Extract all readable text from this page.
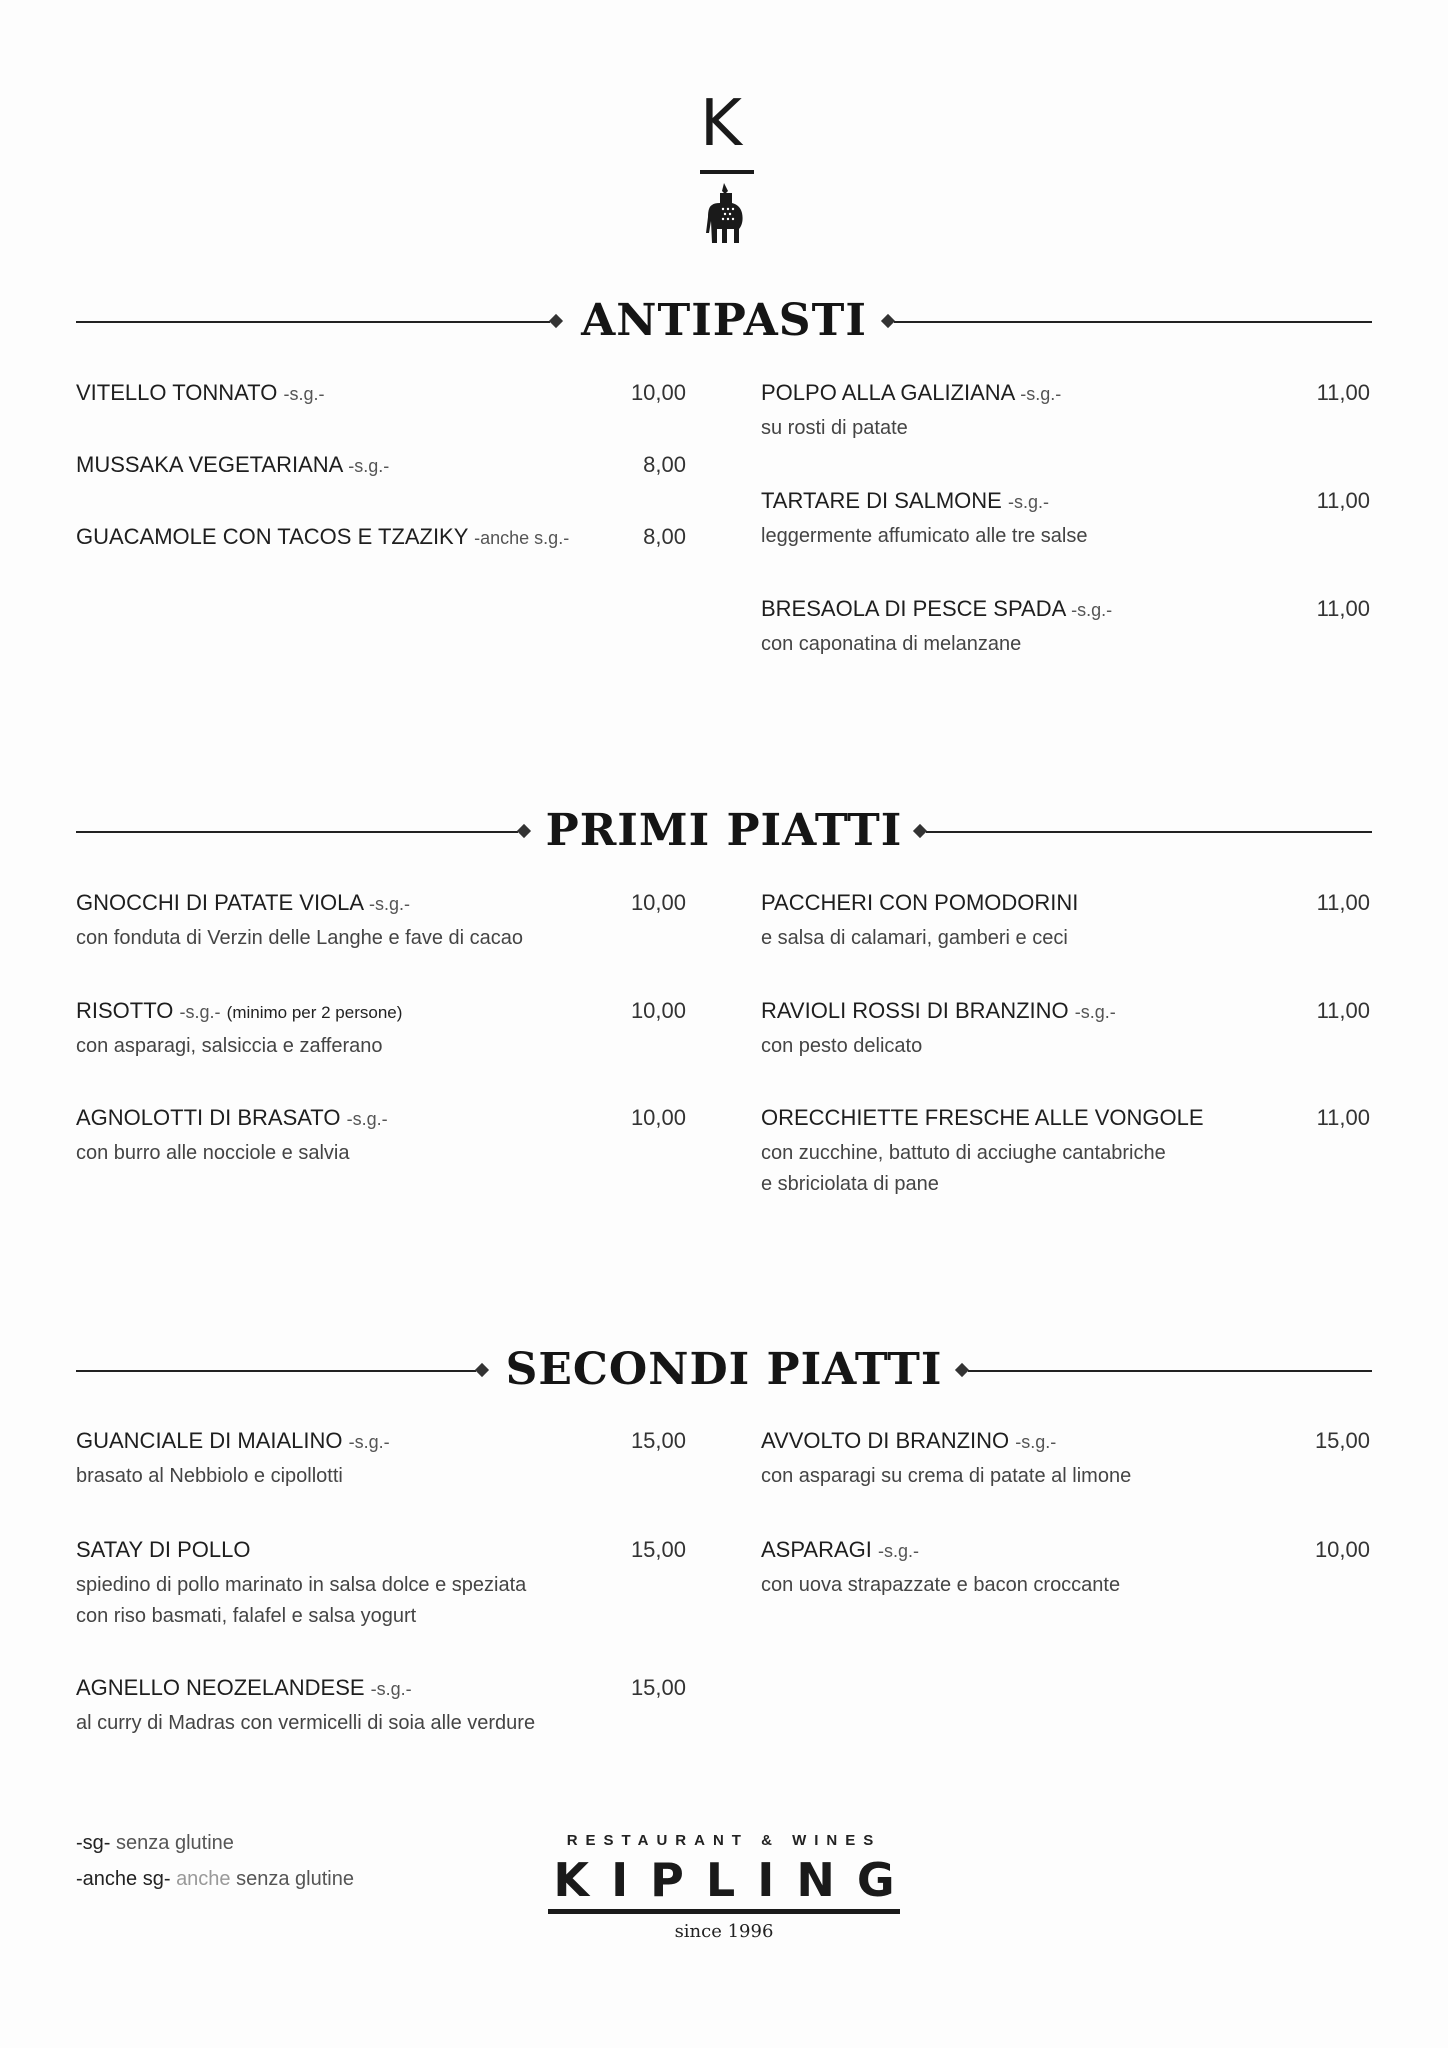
K
ANTIPASTI
VITELLO TONNATO -s.g.-	10,00
MUSSAKA VEGETARIANA -s.g.-	8,00
GUACAMOLE CON TACOS E TZAZIKY -anche s.g.-	8,00
POLPO ALLA GALIZIANA -s.g.-	11,00
su rosti di patate
TARTARE DI SALMONE -s.g.-	11,00
leggermente affumicato alle tre salse
BRESAOLA DI PESCE SPADA -s.g.-	11,00
con caponatina di melanzane
PRIMI PIATTI
GNOCCHI DI PATATE VIOLA -s.g.-	10,00
con fonduta di Verzin delle Langhe e fave di cacao
RISOTTO -s.g.- (minimo per 2 persone)	10,00
con asparagi, salsiccia e zafferano
AGNOLOTTI DI BRASATO -s.g.-	10,00
con burro alle nocciole e salvia
PACCHERI CON POMODORINI	11,00
e salsa di calamari, gamberi e ceci
RAVIOLI ROSSI DI BRANZINO -s.g.-	11,00
con pesto delicato
ORECCHIETTE FRESCHE ALLE VONGOLE	11,00
con zucchine, battuto di acciughe cantabriche
e sbriciolata di pane
SECONDI PIATTI
GUANCIALE DI MAIALINO -s.g.-	15,00
brasato al Nebbiolo e cipollotti
SATAY DI POLLO	15,00
spiedino di pollo marinato in salsa dolce e speziata
con riso basmati, falafel e salsa yogurt
AGNELLO NEOZELANDESE -s.g.-	15,00
al curry di Madras con vermicelli di soia alle verdure
AVVOLTO DI BRANZINO -s.g.-	15,00
con asparagi su crema di patate al limone
ASPARAGI -s.g.-	10,00
con uova strapazzate e bacon croccante
-sg- senza glutine
-anche sg- anche senza glutine
RESTAURANT & WINES
KIPLING
since 1996
